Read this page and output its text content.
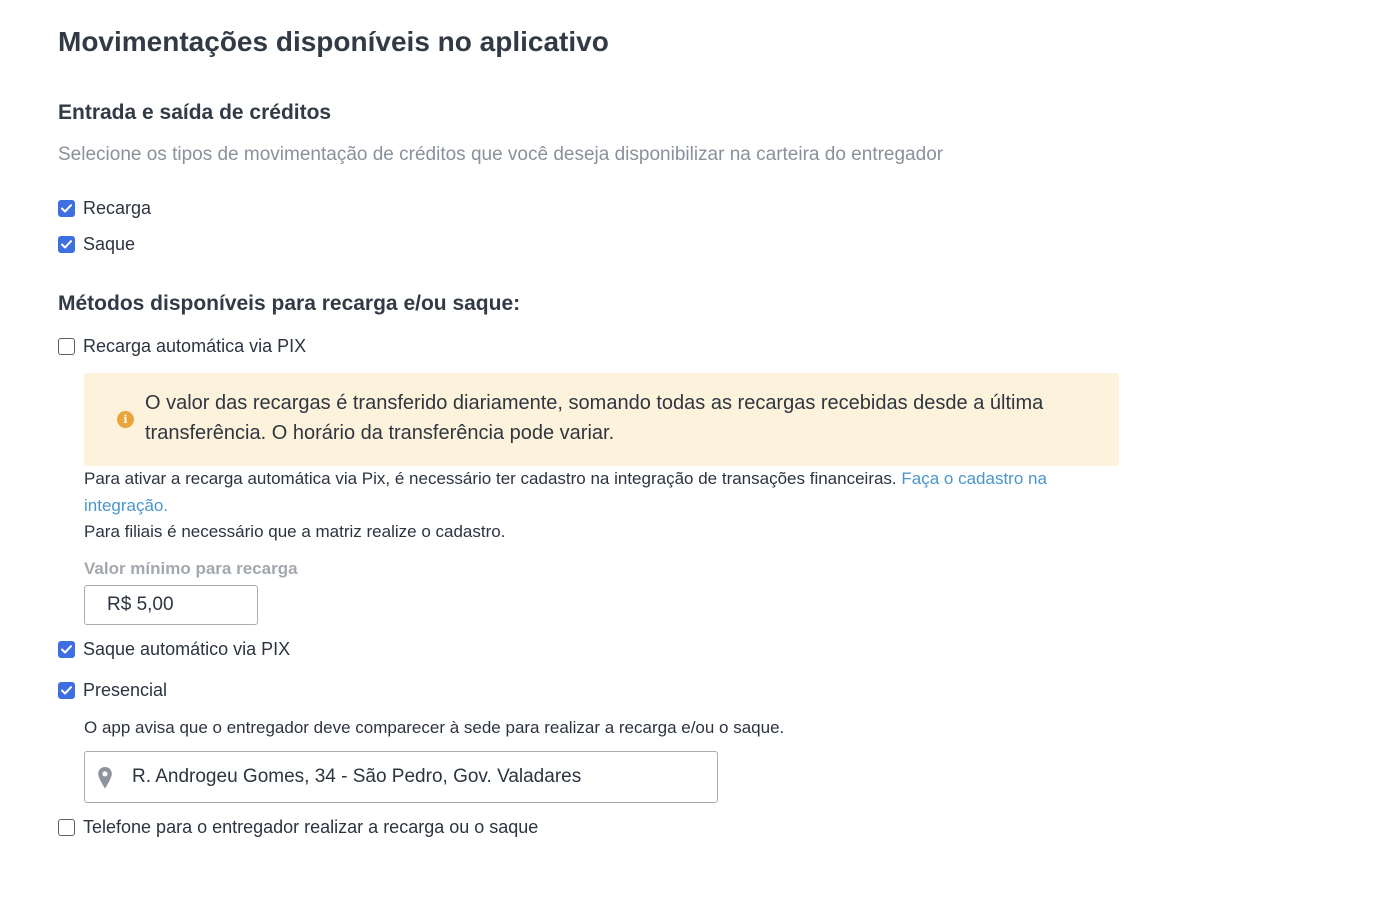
Movimentações disponíveis no aplicativo
Entrada e saída de créditos
Selecione os tipos de movimentação de créditos que você deseja disponibilizar na carteira do entregador
Recarga
Saque
Métodos disponíveis para recarga e/ou saque:
Recarga automática via PIX
i
O valor das recargas é transferido diariamente, somando todas as recargas recebidas desde a última transferência. O horário da transferência pode variar.
Para ativar a recarga automática via Pix, é necessário ter cadastro na integração de transações financeiras. Faça o cadastro na integração.
Para filiais é necessário que a matriz realize o cadastro.
Valor mínimo para recarga
R$ 5,00
Saque automático via PIX
Presencial
O app avisa que o entregador deve comparecer à sede para realizar a recarga e/ou o saque.
R. Androgeu Gomes, 34 - São Pedro, Gov. Valadares
Telefone para o entregador realizar a recarga ou o saque
